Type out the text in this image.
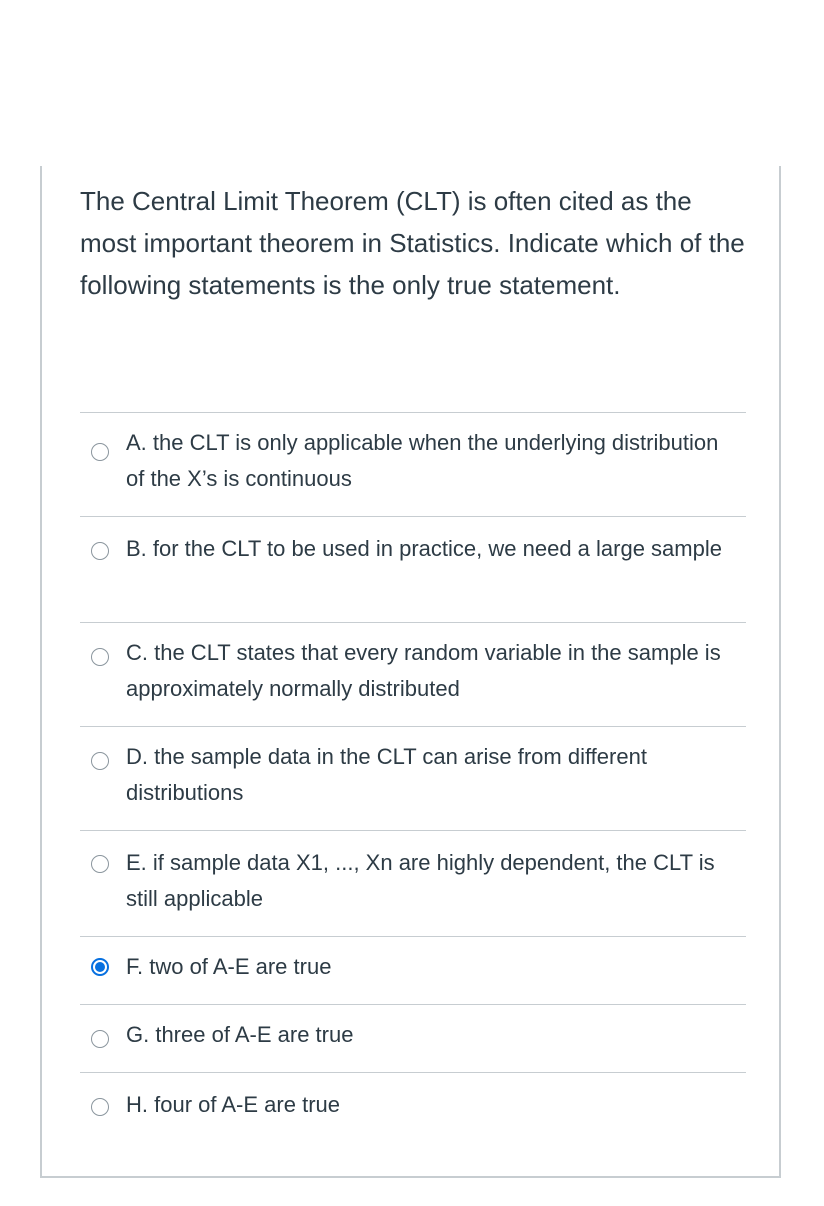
The Central Limit Theorem (CLT) is often cited as the most important theorem in Statistics. Indicate which of the following statements is the only true statement.

A. the CLT is only applicable when the underlying distribution of the X’s is continuous
B. for the CLT to be used in practice, we need a large sample
C. the CLT states that every random variable in the sample is approximately normally distributed
D. the sample data in the CLT can arise from different distributions
E. if sample data X1, ..., Xn are highly dependent, the CLT is still applicable
F. two of A-E are true
G. three of A-E are true
H. four of A-E are true
